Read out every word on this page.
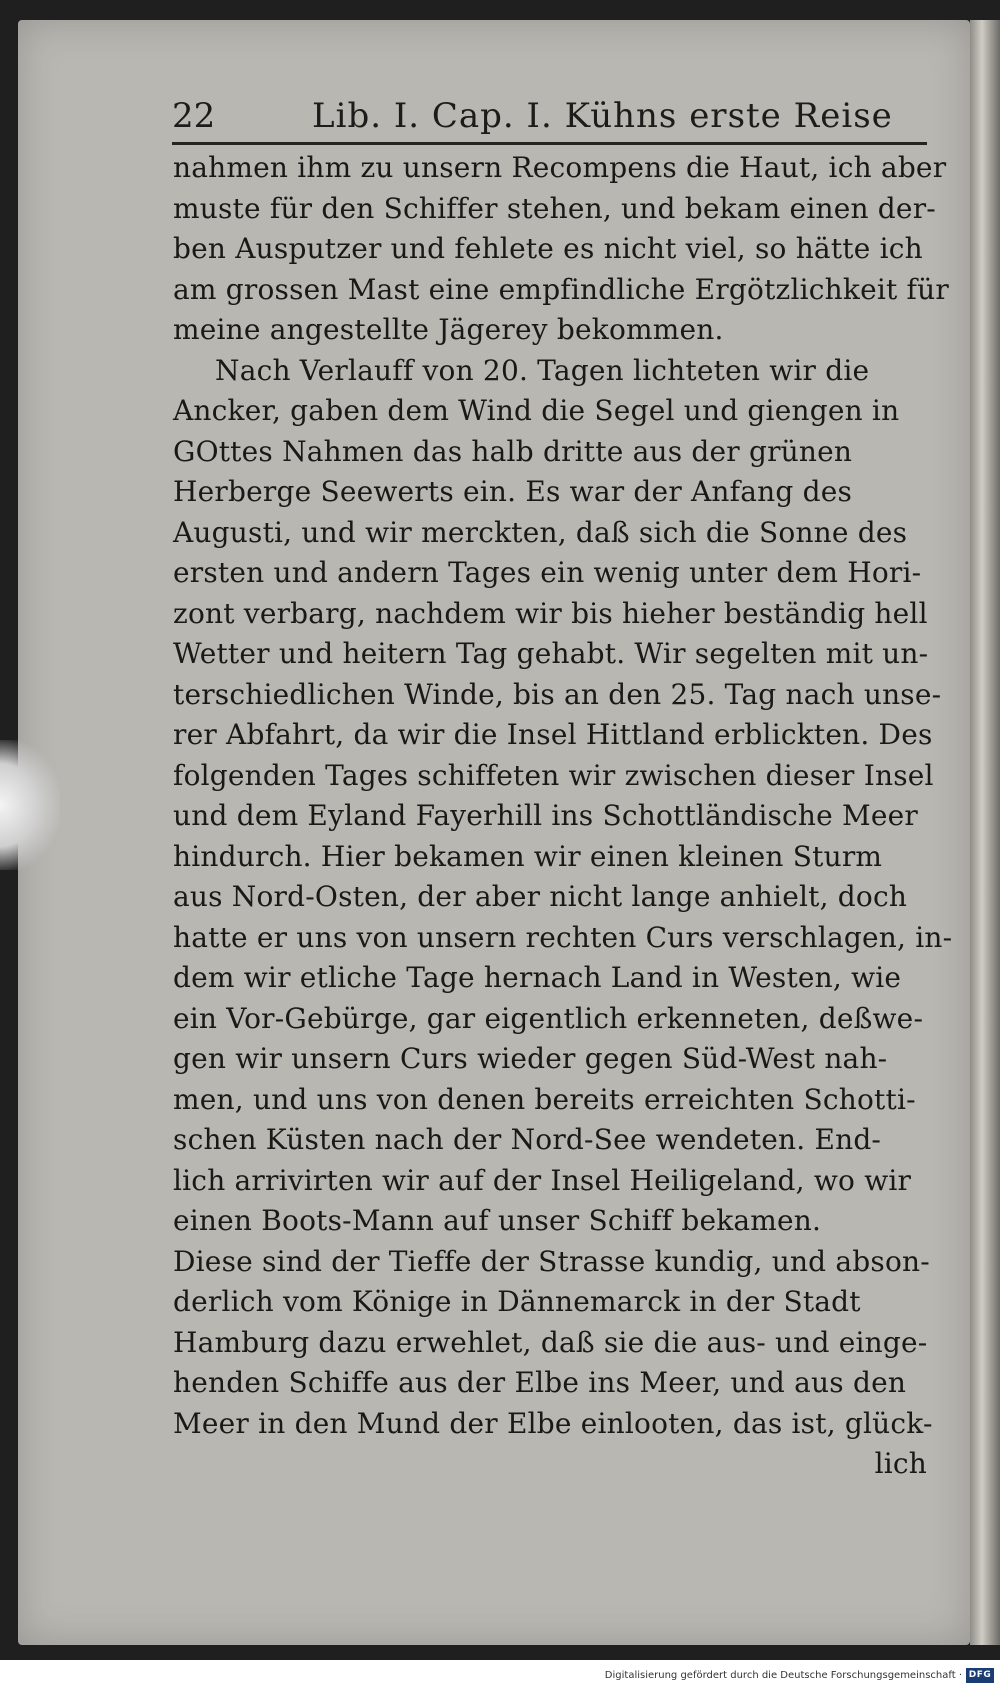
22	Lib. I. Cap. I. Kühns erste Reise
nahmen ihm zu unsern Recompens die Haut, ich aber
muste für den Schiffer stehen, und bekam einen der-
ben Ausputzer und fehlete es nicht viel, so hätte ich
am grossen Mast eine empfindliche Ergötzlichkeit für
meine angestellte Jägerey bekommen.
Nach Verlauff von 20. Tagen lichteten wir die
Ancker, gaben dem Wind die Segel und giengen in
GOttes Nahmen das halb dritte aus der grünen
Herberge Seewerts ein. Es war der Anfang des
Augusti, und wir merckten, daß sich die Sonne des
ersten und andern Tages ein wenig unter dem Hori-
zont verbarg, nachdem wir bis hieher beständig hell
Wetter und heitern Tag gehabt. Wir segelten mit un-
terschiedlichen Winde, bis an den 25. Tag nach unse-
rer Abfahrt, da wir die Insel Hittland erblickten. Des
folgenden Tages schiffeten wir zwischen dieser Insel
und dem Eyland Fayerhill ins Schottländische Meer
hindurch. Hier bekamen wir einen kleinen Sturm
aus Nord-Osten, der aber nicht lange anhielt, doch
hatte er uns von unsern rechten Curs verschlagen, in-
dem wir etliche Tage hernach Land in Westen, wie
ein Vor-Gebürge, gar eigentlich erkenneten, deßwe-
gen wir unsern Curs wieder gegen Süd-West nah-
men, und uns von denen bereits erreichten Schotti-
schen Küsten nach der Nord-See wendeten. End-
lich arrivirten wir auf der Insel Heiligeland, wo wir
einen Boots-Mann auf unser Schiff bekamen.
Diese sind der Tieffe der Strasse kundig, und abson-
derlich vom Könige in Dännemarck in der Stadt
Hamburg dazu erwehlet, daß sie die aus- und einge-
henden Schiffe aus der Elbe ins Meer, und aus den
Meer in den Mund der Elbe einlooten, das ist, glück-
lich
Digitalisierung gefördert durch die Deutsche Forschungsgemeinschaft · DFG
